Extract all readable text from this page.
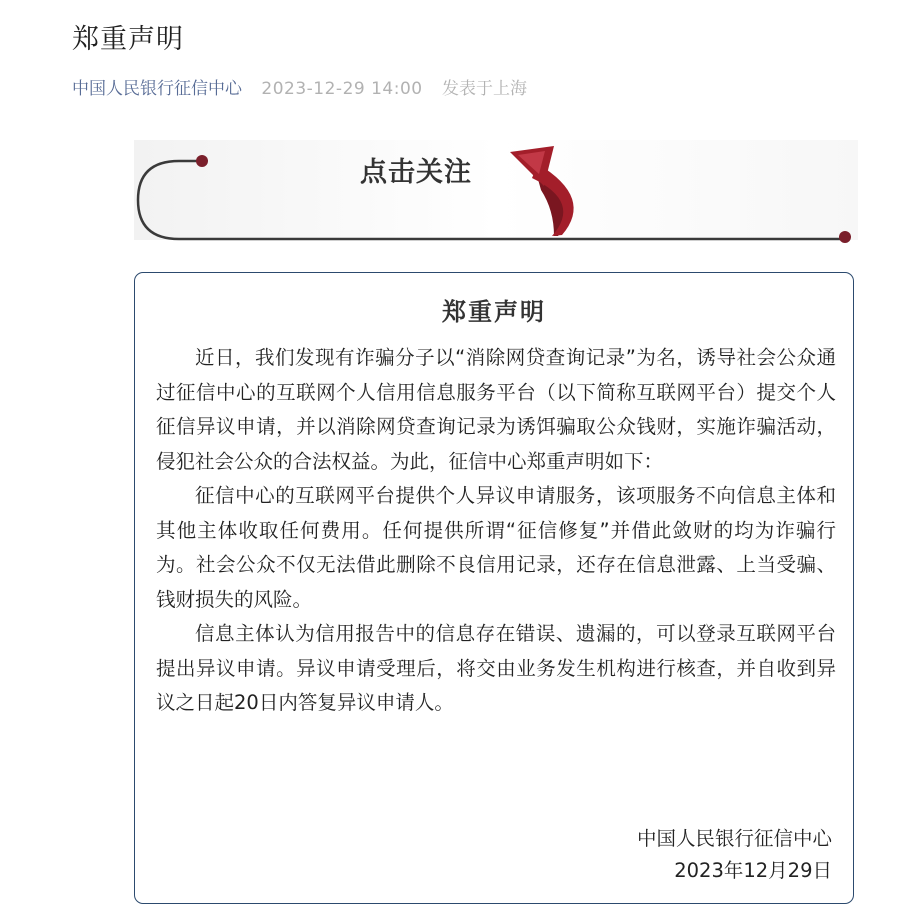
郑重声明
中国人民银行征信中心 2023-12-29 14:00 发表于上海
点击关注
郑重声明

近日，我们发现有诈骗分子以“消除网贷查询记录”为名，诱导社会公众通过征信中心的互联网个人信用信息服务平台（以下简称互联网平台）提交个人征信异议申请，并以消除网贷查询记录为诱饵骗取公众钱财，实施诈骗活动，侵犯社会公众的合法权益。为此，征信中心郑重声明如下：

征信中心的互联网平台提供个人异议申请服务，该项服务不向信息主体和其他主体收取任何费用。任何提供所谓“征信修复”并借此敛财的均为诈骗行为。社会公众不仅无法借此删除不良信用记录，还存在信息泄露、上当受骗、钱财损失的风险。

信息主体认为信用报告中的信息存在错误、遗漏的，可以登录互联网平台提出异议申请。异议申请受理后，将交由业务发生机构进行核查，并自收到异议之日起20日内答复异议申请人。

中国人民银行征信中心
2023年12月29日
